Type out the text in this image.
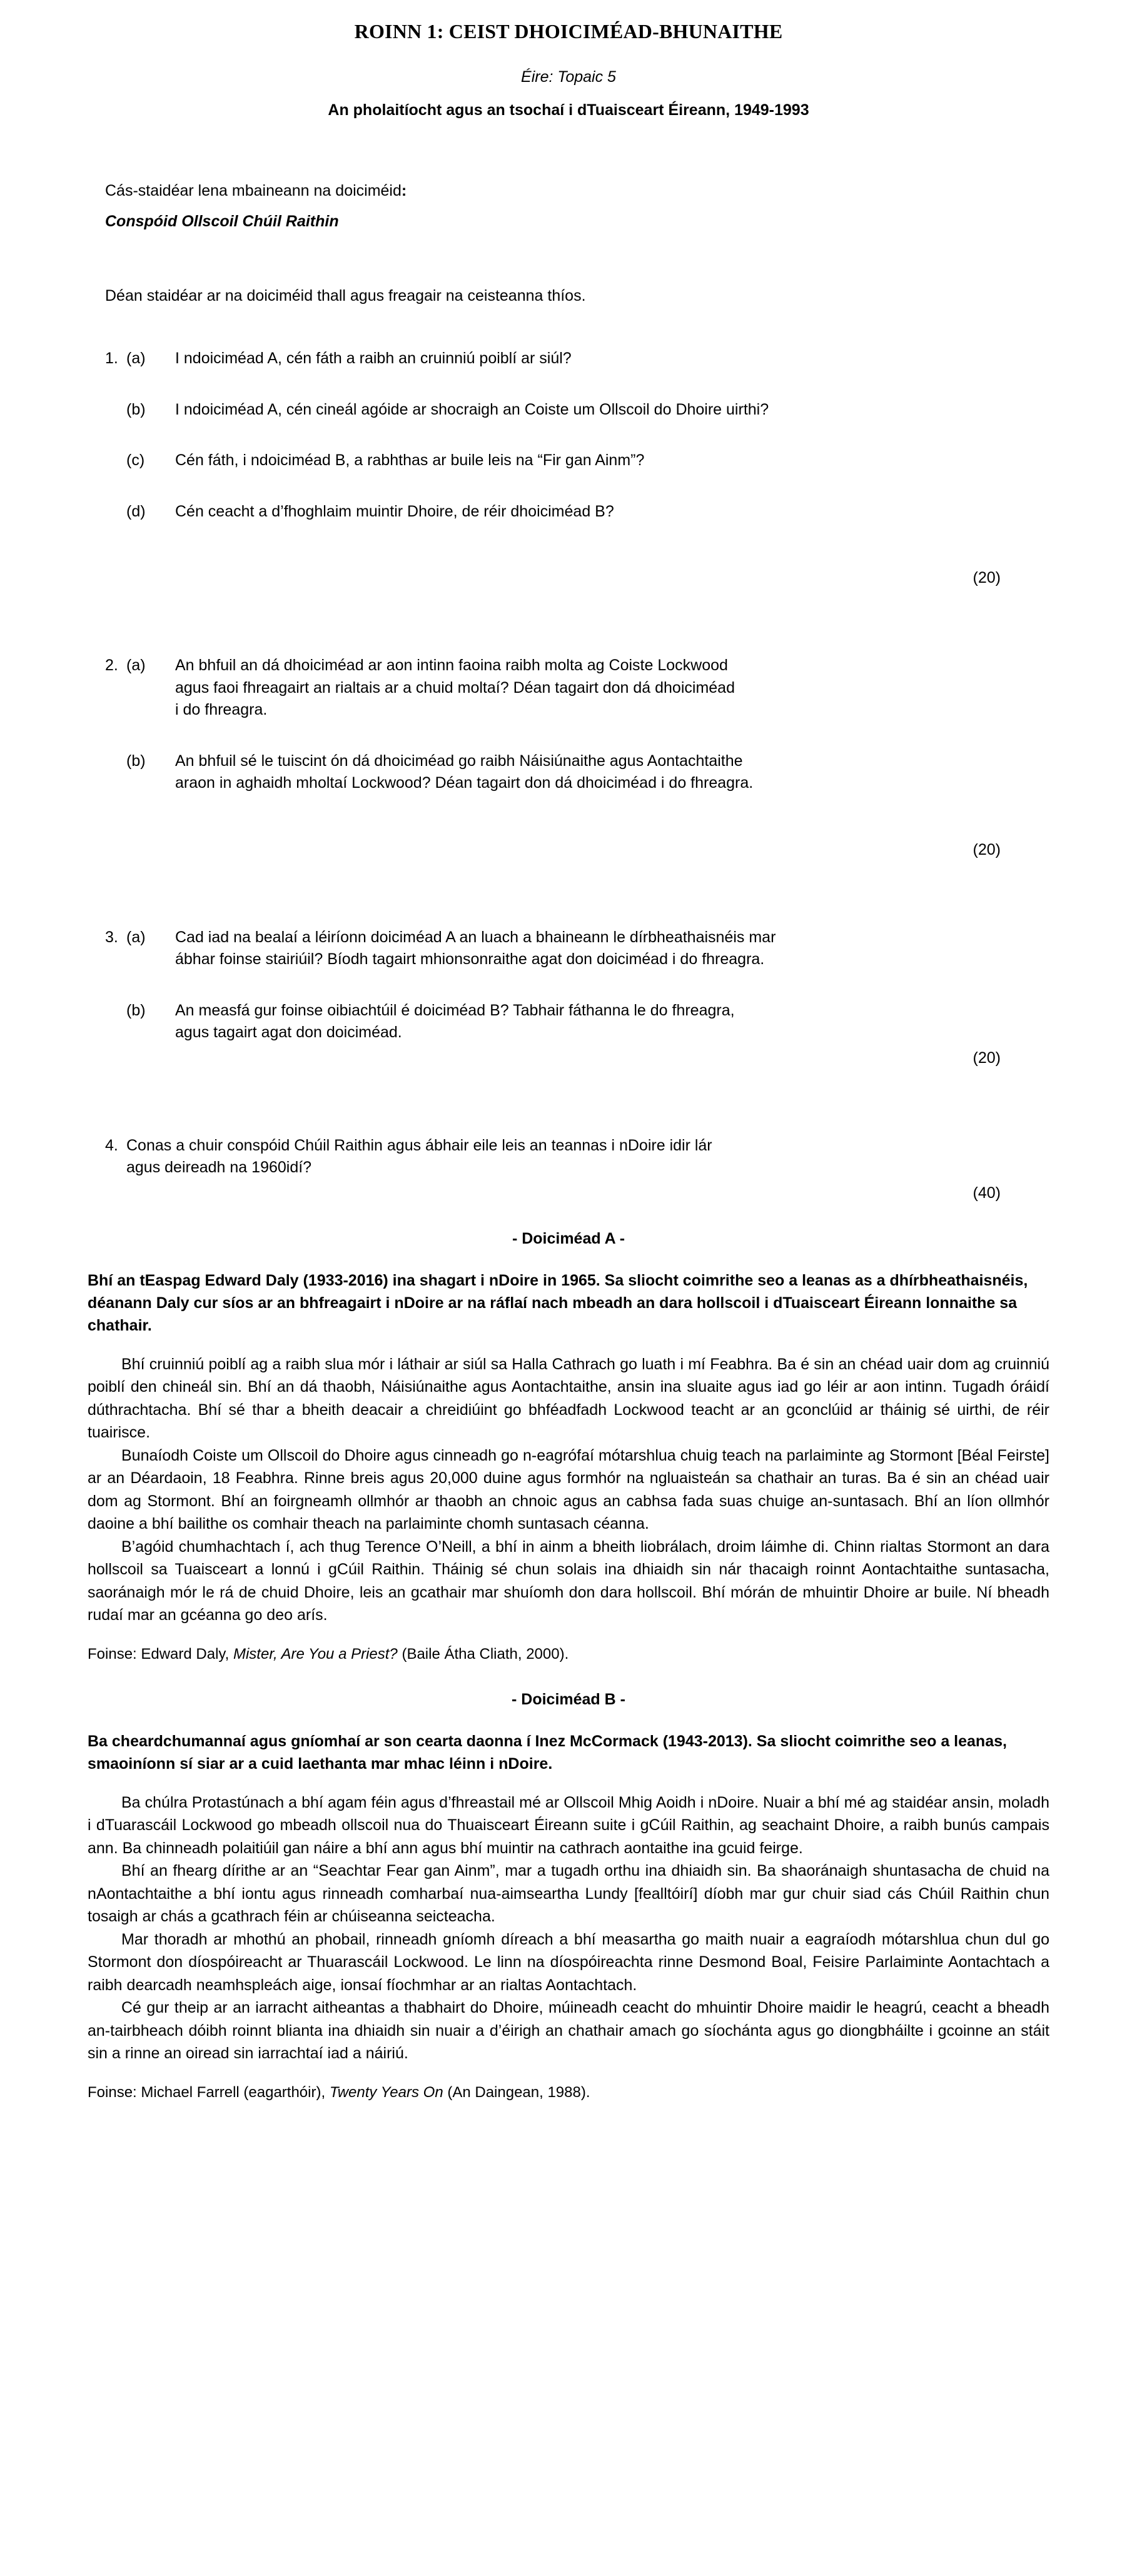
ROINN 1: CEIST DHOICIMÉAD-BHUNAITHE
Éire: Topaic 5
An pholaitíocht agus an tsochaí i dTuaisceart Éireann, 1949-1993

Cás-staidéar lena mbaineann na doiciméid:

Conspóid Ollscoil Chúil Raithin

Déan staidéar ar na doiciméid thall agus freagair na ceisteanna thíos.
1. (a)	I ndoiciméad A, cén fáth a raibh an cruinniú poiblí ar siúl?
(b)	I ndoiciméad A, cén cineál agóide ar shocraigh an Coiste um Ollscoil do Dhoire uirthi?
(c)	Cén fáth, i ndoiciméad B, a rabhthas ar buile leis na “Fir gan Ainm”?
(d)	Cén ceacht a d’fhoghlaim muintir Dhoire, de réir dhoiciméad B?
(20)
2. (a)	An bhfuil an dá dhoiciméad ar aon intinn faoina raibh molta ag Coiste Lockwood
agus faoi fhreagairt an rialtais ar a chuid moltaí? Déan tagairt don dá dhoiciméad
i do fhreagra.
(b)	An bhfuil sé le tuiscint ón dá dhoiciméad go raibh Náisiúnaithe agus Aontachtaithe
araon in aghaidh mholtaí Lockwood? Déan tagairt don dá dhoiciméad i do fhreagra.
(20)
3. (a)	Cad iad na bealaí a léiríonn doiciméad A an luach a bhaineann le dírbheathaisnéis mar
ábhar foinse stairiúil? Bíodh tagairt mhionsonraithe agat don doiciméad i do fhreagra.
(b)	An measfá gur foinse oibiachtúil é doiciméad B? Tabhair fáthanna le do fhreagra,
agus tagairt agat don doiciméad.
(20)
4. Conas a chuir conspóid Chúil Raithin agus ábhair eile leis an teannas i nDoire idir lár
agus deireadh na 1960idí?
(40)
- Doiciméad A -

Bhí an tEaspag Edward Daly (1933-2016) ina shagart i nDoire in 1965. Sa sliocht coimrithe seo a leanas as a dhírbheathaisnéis, déanann Daly cur síos ar an bhfreagairt i nDoire ar na ráflaí nach mbeadh an dara hollscoil i dTuaisceart Éireann lonnaithe sa chathair.

Bhí cruinniú poiblí ag a raibh slua mór i láthair ar siúl sa Halla Cathrach go luath i mí Feabhra. Ba é sin an chéad uair dom ag cruinniú poiblí den chineál sin. Bhí an dá thaobh, Náisiúnaithe agus Aontachtaithe, ansin ina sluaite agus iad go léir ar aon intinn. Tugadh óráidí dúthrachtacha. Bhí sé thar a bheith deacair a chreidiúint go bhféadfadh Lockwood teacht ar an gconclúid ar tháinig sé uirthi, de réir tuairisce.

Bunaíodh Coiste um Ollscoil do Dhoire agus cinneadh go n-eagrófaí mótarshlua chuig teach na parlaiminte ag Stormont [Béal Feirste] ar an Déardaoin, 18 Feabhra. Rinne breis agus 20,000 duine agus formhór na ngluaisteán sa chathair an turas. Ba é sin an chéad uair dom ag Stormont. Bhí an foirgneamh ollmhór ar thaobh an chnoic agus an cabhsa fada suas chuige an-suntasach. Bhí an líon ollmhór daoine a bhí bailithe os comhair theach na parlaiminte chomh suntasach céanna.

B’agóid chumhachtach í, ach thug Terence O’Neill, a bhí in ainm a bheith liobrálach, droim láimhe di. Chinn rialtas Stormont an dara hollscoil sa Tuaisceart a lonnú i gCúil Raithin. Tháinig sé chun solais ina dhiaidh sin nár thacaigh roinnt Aontachtaithe suntasacha, saoránaigh mór le rá de chuid Dhoire, leis an gcathair mar shuíomh don dara hollscoil. Bhí mórán de mhuintir Dhoire ar buile. Ní bheadh rudaí mar an gcéanna go deo arís.

Foinse: Edward Daly, Mister, Are You a Priest? (Baile Átha Cliath, 2000).

- Doiciméad B -

Ba cheardchumannaí agus gníomhaí ar son cearta daonna í Inez McCormack (1943-2013). Sa sliocht coimrithe seo a leanas, smaoiníonn sí siar ar a cuid laethanta mar mhac léinn i nDoire.

Ba chúlra Protastúnach a bhí agam féin agus d’fhreastail mé ar Ollscoil Mhig Aoidh i nDoire. Nuair a bhí mé ag staidéar ansin, moladh i dTuarascáil Lockwood go mbeadh ollscoil nua do Thuaisceart Éireann suite i gCúil Raithin, ag seachaint Dhoire, a raibh bunús campais ann. Ba chinneadh polaitiúil gan náire a bhí ann agus bhí muintir na cathrach aontaithe ina gcuid feirge.

Bhí an fhearg dírithe ar an “Seachtar Fear gan Ainm”, mar a tugadh orthu ina dhiaidh sin. Ba shaoránaigh shuntasacha de chuid na nAontachtaithe a bhí iontu agus rinneadh comharbaí nua-aimseartha Lundy [fealltóirí] díobh mar gur chuir siad cás Chúil Raithin chun tosaigh ar chás a gcathrach féin ar chúiseanna seicteacha.

Mar thoradh ar mhothú an phobail, rinneadh gníomh díreach a bhí measartha go maith nuair a eagraíodh mótarshlua chun dul go Stormont don díospóireacht ar Thuarascáil Lockwood. Le linn na díospóireachta rinne Desmond Boal, Feisire Parlaiminte Aontachtach a raibh dearcadh neamhspleách aige, ionsaí fíochmhar ar an rialtas Aontachtach.

Cé gur theip ar an iarracht aitheantas a thabhairt do Dhoire, múineadh ceacht do mhuintir Dhoire maidir le heagrú, ceacht a bheadh an-tairbheach dóibh roinnt blianta ina dhiaidh sin nuair a d’éirigh an chathair amach go síochánta agus go diongbháilte i gcoinne an stáit sin a rinne an oiread sin iarrachtaí iad a náiriú.

Foinse: Michael Farrell (eagarthóir), Twenty Years On (An Daingean, 1988).
